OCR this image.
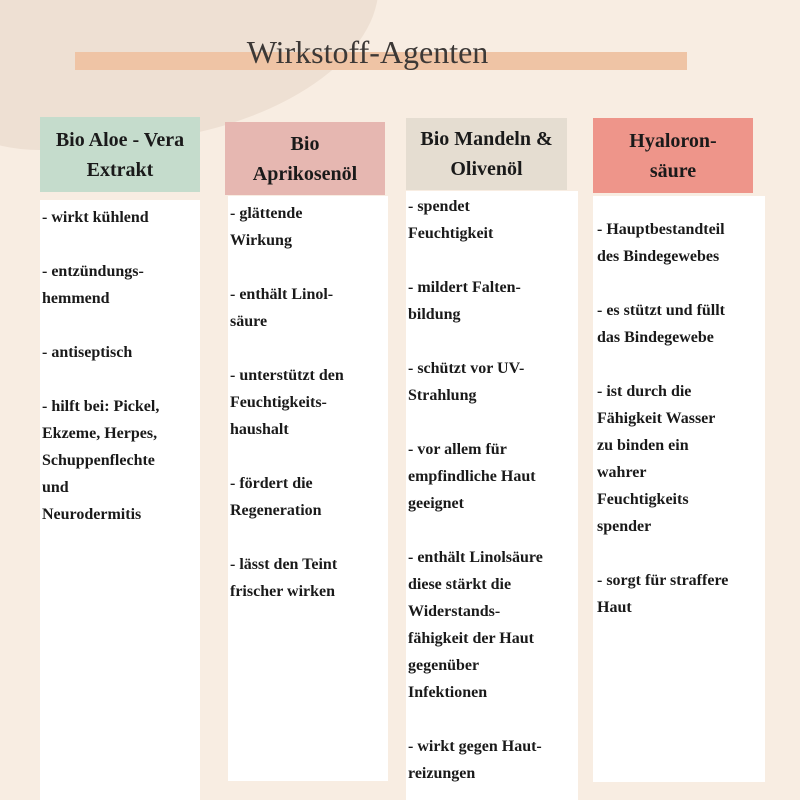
Wirkstoff-Agenten
Bio Aloe - Vera
Extrakt
- wirkt kühlend
- entzündungs-
hemmend
- antiseptisch
- hilft bei: Pickel,
Ekzeme, Herpes,
Schuppenflechte
und
Neurodermitis
Bio
Aprikosenöl
- glättende
Wirkung
- enthält Linol-
säure
- unterstützt den
Feuchtigkeits-
haushalt
- fördert die
Regeneration
- lässt den Teint
frischer wirken
Bio Mandeln &
Olivenöl
- spendet
Feuchtigkeit
- mildert Falten-
bildung
- schützt vor UV-
Strahlung
- vor allem für
empfindliche Haut
geeignet
- enthält Linolsäure
diese stärkt die
Widerstands-
fähigkeit der Haut
gegenüber
Infektionen
- wirkt gegen Haut-
reizungen
Hyaloron-
säure
- Hauptbestandteil
des Bindegewebes
- es stützt und füllt
das Bindegewebe
- ist durch die
Fähigkeit Wasser
zu binden ein
wahrer
Feuchtigkeits
spender
- sorgt für straffere
Haut
